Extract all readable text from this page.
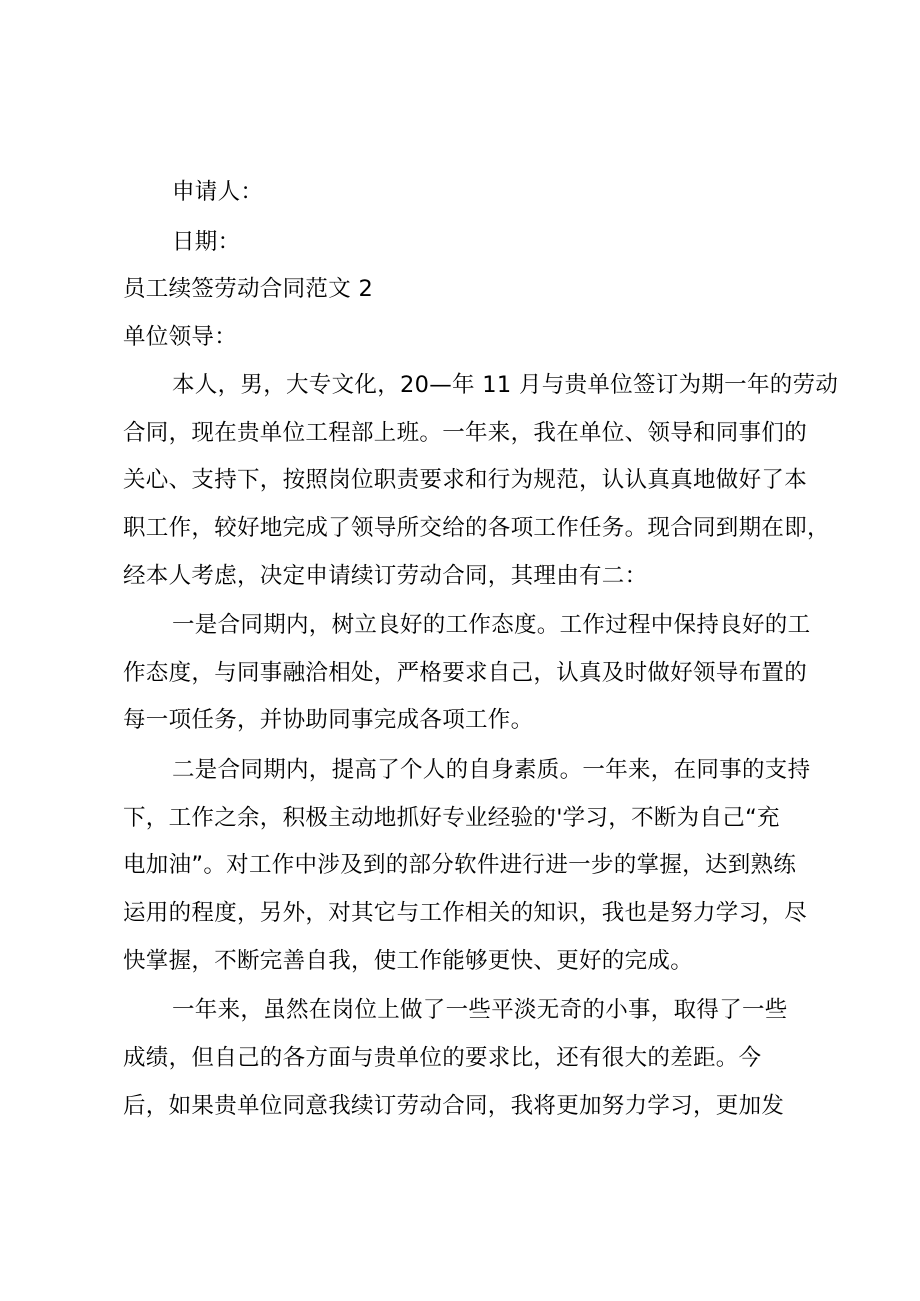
申请人：
日期：
员工续签劳动合同范文 2
单位领导：
本人，男，大专文化，20—年 11 月与贵单位签订为期一年的劳动
合同，现在贵单位工程部上班。一年来，我在单位、领导和同事们的
关心、支持下，按照岗位职责要求和行为规范，认认真真地做好了本
职工作，较好地完成了领导所交给的各项工作任务。现合同到期在即，
经本人考虑，决定申请续订劳动合同，其理由有二：
一是合同期内，树立良好的工作态度。工作过程中保持良好的工
作态度，与同事融洽相处，严格要求自己，认真及时做好领导布置的
每一项任务，并协助同事完成各项工作。
二是合同期内，提高了个人的自身素质。一年来，在同事的支持
下，工作之余，积极主动地抓好专业经验的'学习，不断为自己“充
电加油”。对工作中涉及到的部分软件进行进一步的掌握，达到熟练
运用的程度，另外，对其它与工作相关的知识，我也是努力学习，尽
快掌握，不断完善自我，使工作能够更快、更好的完成。
一年来，虽然在岗位上做了一些平淡无奇的小事，取得了一些
成绩，但自己的各方面与贵单位的要求比，还有很大的差距。今
后，如果贵单位同意我续订劳动合同，我将更加努力学习，更加发
